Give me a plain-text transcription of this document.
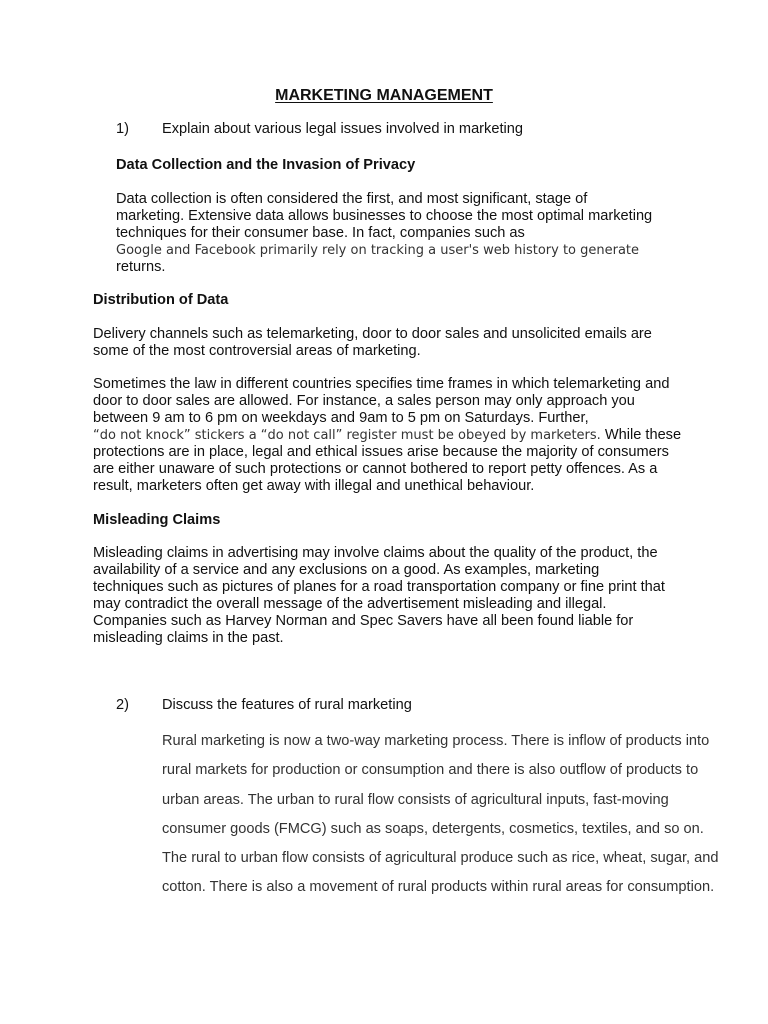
MARKETING MANAGEMENT
1) Explain about various legal issues involved in marketing
Data Collection and the Invasion of Privacy
Data collection is often considered the first, and most significant, stage of marketing. Extensive data allows businesses to choose the most optimal marketing techniques for their consumer base. In fact, companies such as
Google and Facebook primarily rely on tracking a user's web history to generate
returns.
Distribution of Data
Delivery channels such as telemarketing, door to door sales and unsolicited emails are some of the most controversial areas of marketing.
Sometimes the law in different countries specifies time frames in which telemarketing and door to door sales are allowed. For instance, a sales person may only approach you between 9 am to 6 pm on weekdays and 9am to 5 pm on Saturdays. Further,
“do not knock” stickers a “do not call” register must be obeyed by marketers. While these protections are in place, legal and ethical issues arise because the majority of consumers are either unaware of such protections or cannot bothered to report petty offences. As a result, marketers often get away with illegal and unethical behaviour.
Misleading Claims
Misleading claims in advertising may involve claims about the quality of the product, the availability of a service and any exclusions on a good. As examples, marketing techniques such as pictures of planes for a road transportation company or fine print that may contradict the overall message of the advertisement misleading and illegal. Companies such as Harvey Norman and Spec Savers have all been found liable for misleading claims in the past.
2) Discuss the features of rural marketing
Rural marketing is now a two-way marketing process. There is inflow of products into rural markets for production or consumption and there is also outflow of products to urban areas. The urban to rural flow consists of agricultural inputs, fast-moving consumer goods (FMCG) such as soaps, detergents, cosmetics, textiles, and so on. The rural to urban flow consists of agricultural produce such as rice, wheat, sugar, and cotton. There is also a movement of rural products within rural areas for consumption.
